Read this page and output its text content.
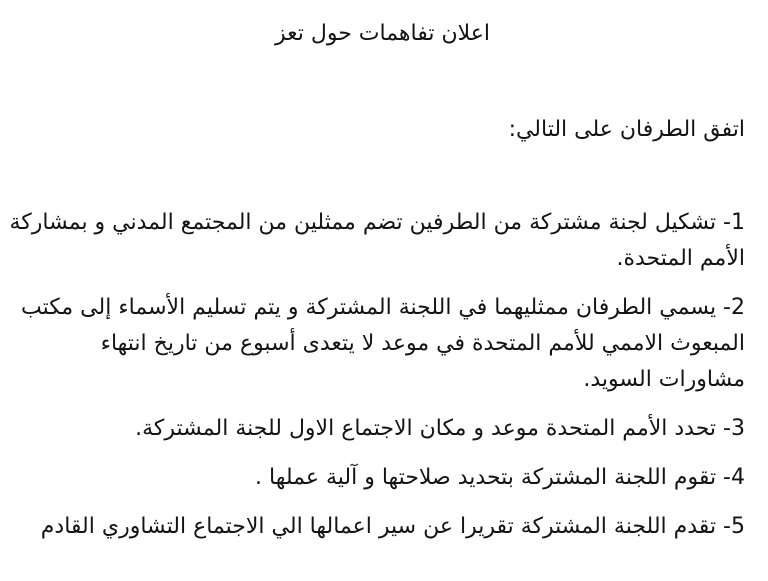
اعلان تفاهمات حول تعز
اتفق الطرفان على التالي:
1- تشكيل لجنة مشتركة من الطرفين تضم ممثلين من المجتمع المدني و بمشاركة
الأمم المتحدة.
2- يسمي الطرفان ممثليهما في اللجنة المشتركة و يتم تسليم الأسماء إلى مكتب
المبعوث الاممي للأمم المتحدة في موعد لا يتعدى أسبوع من تاريخ انتهاء
مشاورات السويد.
3- تحدد الأمم المتحدة موعد و مكان الاجتماع الاول للجنة المشتركة.
4- تقوم اللجنة المشتركة بتحديد صلاحتها و آلية عملها .
5- تقدم اللجنة المشتركة تقريرا عن سير اعمالها الي الاجتماع التشاوري القادم
